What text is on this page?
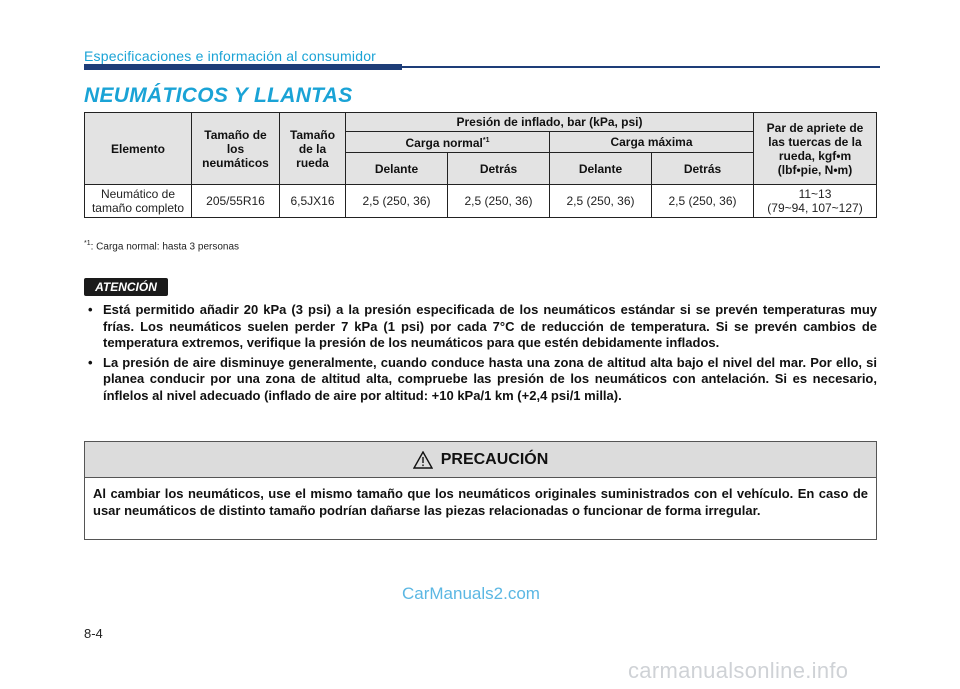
Especificaciones e información al consumidor
NEUMÁTICOS Y LLANTAS
Elemento	Tamaño de los neumáticos	Tamaño de la rueda	Presión de inflado, bar (kPa, psi)				Par de apriete de las tuercas de la rueda, kgf•m (lbf•pie, N•m)
			Carga normal$^{*1}$		Carga máxima		
			Delante	Detrás	Delante	Detrás	
Neumático de tamaño completo	205/55R16	6,5JX16	2,5 (250, 36)	2,5 (250, 36)	2,5 (250, 36)	2,5 (250, 36)	11~13
(79~94, 107~127)
$^{*1}$: Carga normal: hasta 3 personas
ATENCIÓN
• Está permitido añadir 20 kPa (3 psi) a la presión especificada de los neumáticos estándar si se prevén temperaturas muy frías. Los neumáticos suelen perder 7 kPa (1 psi) por cada 7°C de reducción de temperatura. Si se prevén cambios de temperatura extremos, verifique la presión de los neumáticos para que estén debidamente inflados.
• La presión de aire disminuye generalmente, cuando conduce hasta una zona de altitud alta bajo el nivel del mar. Por ello, si planea conducir por una zona de altitud alta, compruebe las presión de los neumáticos con antelación. Si es necesario, ínflelos al nivel adecuado (inflado de aire por altitud: +10 kPa/1 km (+2,4 psi/1 milla).
PRECAUCIÓN

Al cambiar los neumáticos, use el mismo tamaño que los neumáticos originales suministrados con el vehículo. En caso de usar neumáticos de distinto tamaño podrían dañarse las piezas relacionadas o funcionar de forma irregular.

CarManuals2.com
8-4
carmanualsonline.info
